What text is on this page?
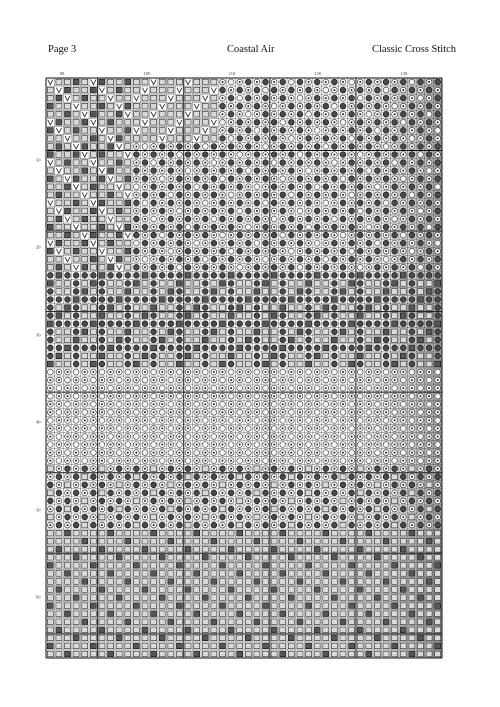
Page 3	Coastal Air	Classic Cross Stitch
90	100	110	120	130
10
20
30
40
50
60
